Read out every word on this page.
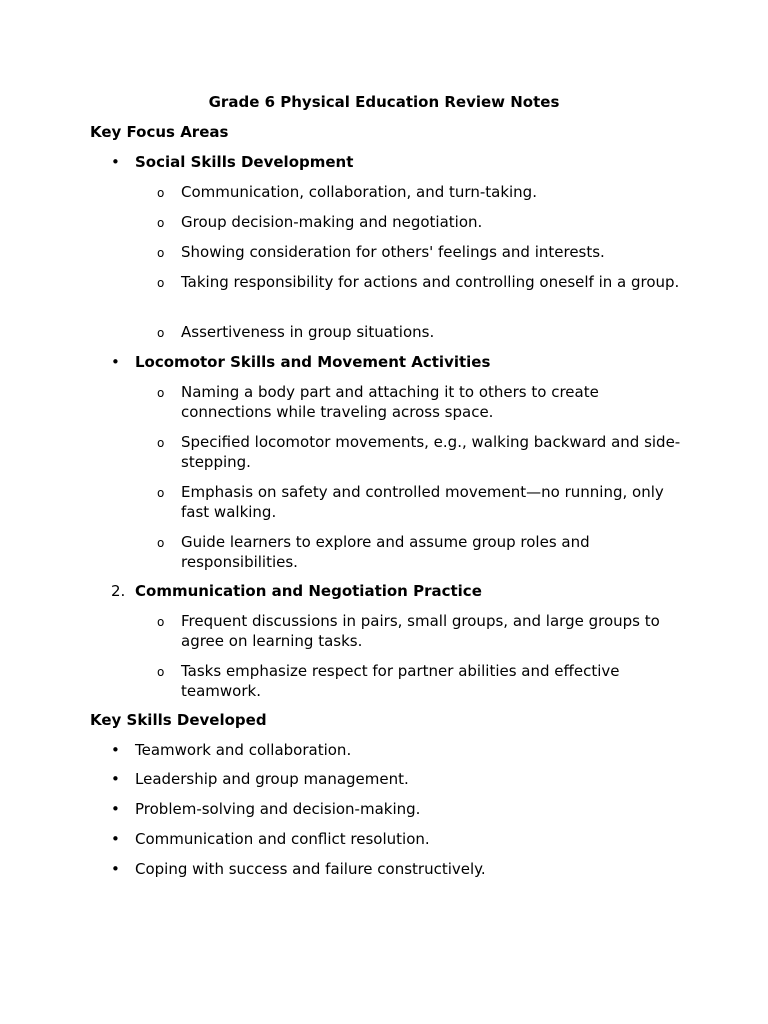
Grade 6 Physical Education Review Notes
Key Focus Areas
•	Social Skills Development
o Communication, collaboration, and turn-taking.
o Group decision-making and negotiation.
o Showing consideration for others' feelings and interests.
o Taking responsibility for actions and controlling oneself in a group.
o Assertiveness in group situations.
•	Locomotor Skills and Movement Activities
o Naming a body part and attaching it to others to create connections while traveling across space.
o Specified locomotor movements, e.g., walking backward and side-stepping.
o Emphasis on safety and controlled movement—no running, only fast walking.
o Guide learners to explore and assume group roles and responsibilities.
2. Communication and Negotiation Practice
o Frequent discussions in pairs, small groups, and large groups to agree on learning tasks.
o Tasks emphasize respect for partner abilities and effective teamwork.
Key Skills Developed
•	Teamwork and collaboration.
•	Leadership and group management.
•	Problem-solving and decision-making.
•	Communication and conflict resolution.
•	Coping with success and failure constructively.
